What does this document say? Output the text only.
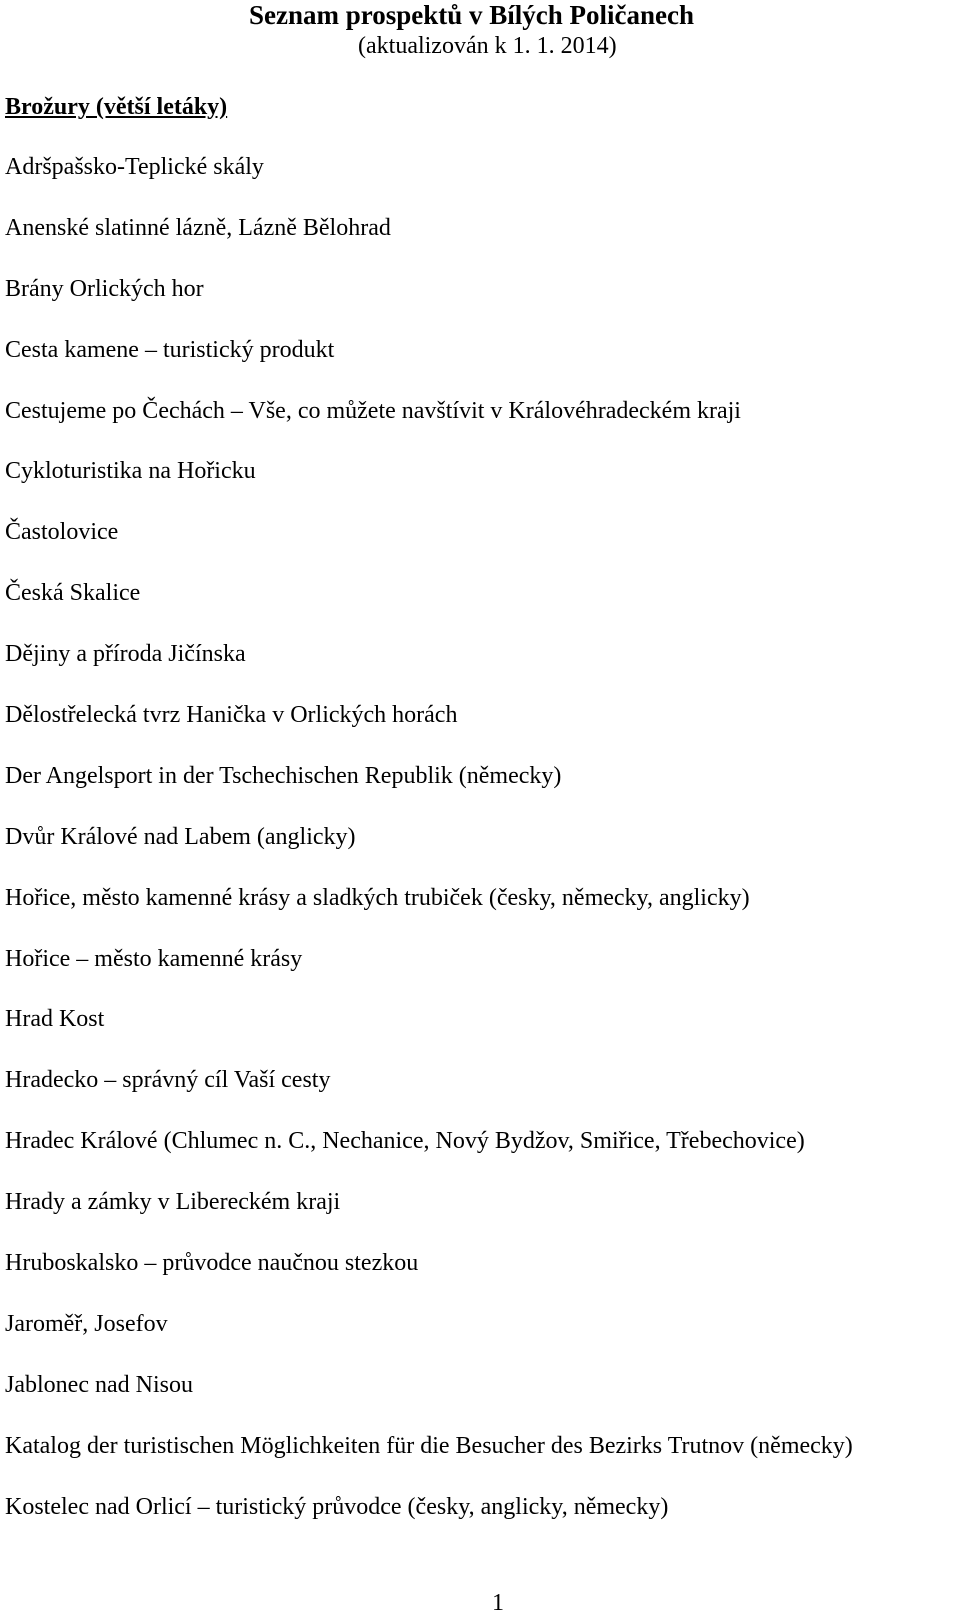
Seznam prospektů v Bílých Poličanech
(aktualizován k 1. 1. 2014)
Brožury (větší letáky)
Adršpašsko-Teplické skály
Anenské slatinné lázně, Lázně Bělohrad
Brány Orlických hor
Cesta kamene – turistický produkt
Cestujeme po Čechách – Vše, co můžete navštívit v Královéhradeckém kraji
Cykloturistika na Hořicku
Častolovice
Česká Skalice
Dějiny a příroda Jičínska
Dělostřelecká tvrz Hanička v Orlických horách
Der Angelsport in der Tschechischen Republik (německy)
Dvůr Králové nad Labem (anglicky)
Hořice, město kamenné krásy a sladkých trubiček (česky, německy, anglicky)
Hořice – město kamenné krásy
Hrad Kost
Hradecko – správný cíl Vaší cesty
Hradec Králové (Chlumec n. C., Nechanice, Nový Bydžov, Smiřice, Třebechovice)
Hrady a zámky v Libereckém kraji
Hruboskalsko – průvodce naučnou stezkou
Jaroměř, Josefov
Jablonec nad Nisou
Katalog der turistischen Möglichkeiten für die Besucher des Bezirks Trutnov (německy)
Kostelec nad Orlicí – turistický průvodce (česky, anglicky, německy)
1
